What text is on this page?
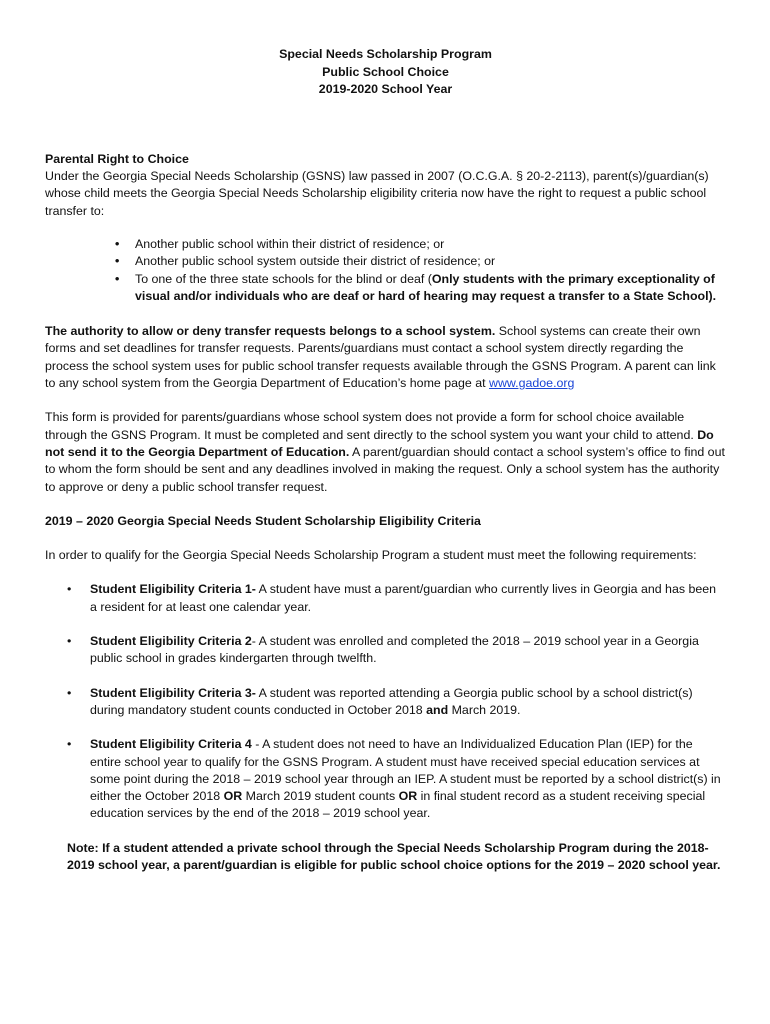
Special Needs Scholarship Program
Public School Choice
2019-2020 School Year
Parental Right to Choice

Under the Georgia Special Needs Scholarship (GSNS) law passed in 2007 (O.C.G.A. § 20-2-2113), parent(s)/guardian(s) whose child meets the Georgia Special Needs Scholarship eligibility criteria now have the right to request a public school transfer to:

• Another public school within their district of residence; or
• Another public school system outside their district of residence; or
• To one of the three state schools for the blind or deaf (Only students with the primary exceptionality of visual and/or individuals who are deaf or hard of hearing may request a transfer to a State School).

The authority to allow or deny transfer requests belongs to a school system. School systems can create their own forms and set deadlines for transfer requests. Parents/guardians must contact a school system directly regarding the process the school system uses for public school transfer requests available through the GSNS Program. A parent can link to any school system from the Georgia Department of Education’s home page at www.gadoe.org

This form is provided for parents/guardians whose school system does not provide a form for school choice available through the GSNS Program. It must be completed and sent directly to the school system you want your child to attend. Do not send it to the Georgia Department of Education. A parent/guardian should contact a school system’s office to find out to whom the form should be sent and any deadlines involved in making the request. Only a school system has the authority to approve or deny a public school transfer request.

2019 – 2020 Georgia Special Needs Student Scholarship Eligibility Criteria

In order to qualify for the Georgia Special Needs Scholarship Program a student must meet the following requirements:

• Student Eligibility Criteria 1- A student have must a parent/guardian who currently lives in Georgia and has been a resident for at least one calendar year.
• Student Eligibility Criteria 2- A student was enrolled and completed the 2018 – 2019 school year in a Georgia public school in grades kindergarten through twelfth.
• Student Eligibility Criteria 3- A student was reported attending a Georgia public school by a school district(s) during mandatory student counts conducted in October 2018 and March 2019.
• Student Eligibility Criteria 4 - A student does not need to have an Individualized Education Plan (IEP) for the entire school year to qualify for the GSNS Program. A student must have received special education services at some point during the 2018 – 2019 school year through an IEP. A student must be reported by a school district(s) in either the October 2018 OR March 2019 student counts OR in final student record as a student receiving special education services by the end of the 2018 – 2019 school year.

Note: If a student attended a private school through the Special Needs Scholarship Program during the 2018- 2019 school year, a parent/guardian is eligible for public school choice options for the 2019 – 2020 school year.
